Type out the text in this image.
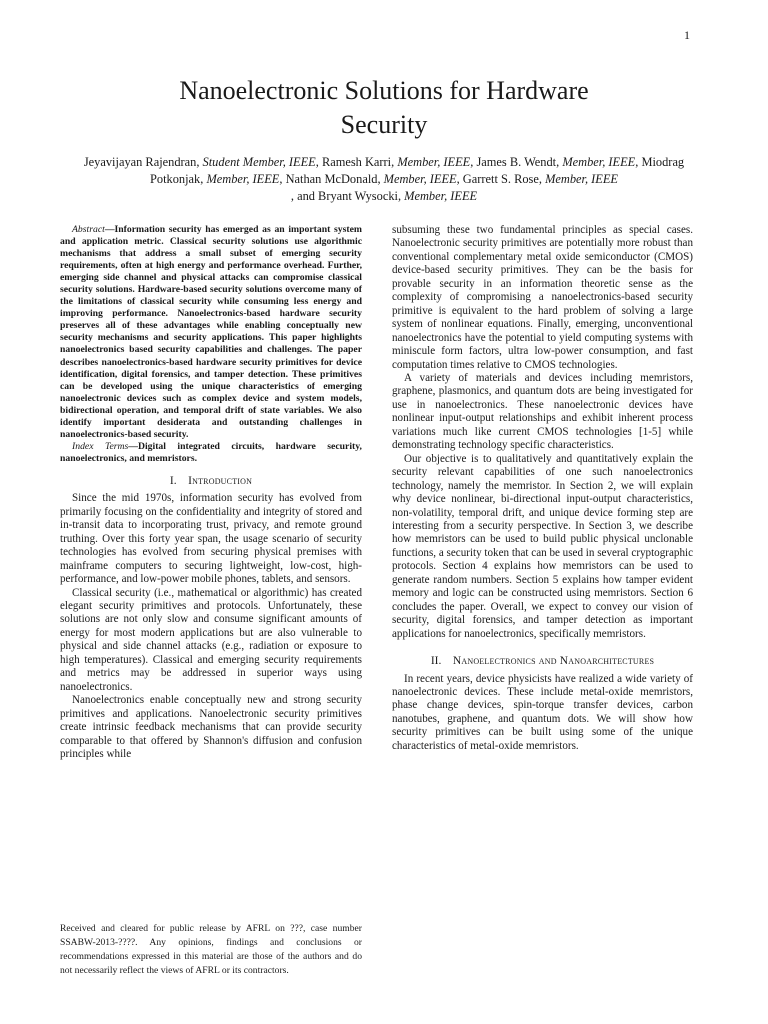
1
Nanoelectronic Solutions for Hardware
Security
Jeyavijayan Rajendran, Student Member, IEEE, Ramesh Karri, Member, IEEE, James B. Wendt, Member, IEEE, Miodrag Potkonjak, Member, IEEE, Nathan McDonald, Member, IEEE, Garrett S. Rose, Member, IEEE
, and Bryant Wysocki, Member, IEEE

Abstract—Information security has emerged as an important system and application metric. Classical security solutions use algorithmic mechanisms that address a small subset of emerging security requirements, often at high energy and performance overhead. Further, emerging side channel and physical attacks can compromise classical security solutions. Hardware-based security solutions overcome many of the limitations of classical security while consuming less energy and improving performance. Nanoelectronics-based hardware security preserves all of these advantages while enabling conceptually new security mechanisms and security applications. This paper highlights nanoelectronics based security capabilities and challenges. The paper describes nanoelectronics-based hardware security primitives for device identification, digital forensics, and tamper detection. These primitives can be developed using the unique characteristics of emerging nanoelectronic devices such as complex device and system models, bidirectional operation, and temporal drift of state variables. We also identify important desiderata and outstanding challenges in nanoelectronics-based security.

Index Terms—Digital integrated circuits, hardware security, nanoelectronics, and memristors.

I. Introduction

Since the mid 1970s, information security has evolved from primarily focusing on the confidentiality and integrity of stored and in-transit data to incorporating trust, privacy, and remote ground truthing. Over this forty year span, the usage scenario of security technologies has evolved from securing physical premises with mainframe computers to securing lightweight, low-cost, high-performance, and low-power mobile phones, tablets, and sensors.

Classical security (i.e., mathematical or algorithmic) has created elegant security primitives and protocols. Unfortunately, these solutions are not only slow and consume significant amounts of energy for most modern applications but are also vulnerable to physical and side channel attacks (e.g., radiation or exposure to high temperatures). Classical and emerging security requirements and metrics may be addressed in superior ways using nanoelectronics.

Nanoelectronics enable conceptually new and strong security primitives and applications. Nanoelectronic security primitives create intrinsic feedback mechanisms that can provide security comparable to that offered by Shannon's diffusion and confusion principles while

subsuming these two fundamental principles as special cases. Nanoelectronic security primitives are potentially more robust than conventional complementary metal oxide semiconductor (CMOS) device-based security primitives. They can be the basis for provable security in an information theoretic sense as the complexity of compromising a nanoelectronics-based security primitive is equivalent to the hard problem of solving a large system of nonlinear equations. Finally, emerging, unconventional nanoelectronics have the potential to yield computing systems with miniscule form factors, ultra low-power consumption, and fast computation times relative to CMOS technologies.

A variety of materials and devices including memristors, graphene, plasmonics, and quantum dots are being investigated for use in nanoelectronics. These nanoelectronic devices have nonlinear input-output relationships and exhibit inherent process variations much like current CMOS technologies [1-5] while demonstrating technology specific characteristics.

Our objective is to qualitatively and quantitatively explain the security relevant capabilities of one such nanoelectronics technology, namely the memristor. In Section 2, we will explain why device nonlinear, bi-directional input-output characteristics, non-volatility, temporal drift, and unique device forming step are interesting from a security perspective. In Section 3, we describe how memristors can be used to build public physical unclonable functions, a security token that can be used in several cryptographic protocols. Section 4 explains how memristors can be used to generate random numbers. Section 5 explains how tamper evident memory and logic can be constructed using memristors. Section 6 concludes the paper. Overall, we expect to convey our vision of security, digital forensics, and tamper detection as important applications for nanoelectronics, specifically memristors.

II. Nanoelectronics and Nanoarchitectures

In recent years, device physicists have realized a wide variety of nanoelectronic devices. These include metal-oxide memristors, phase change devices, spin-torque transfer devices, carbon nanotubes, graphene, and quantum dots. We will show how security primitives can be built using some of the unique characteristics of metal-oxide memristors.

Received and cleared for public release by AFRL on ???, case number SSABW-2013-????. Any opinions, findings and conclusions or recommendations expressed in this material are those of the authors and do not necessarily reflect the views of AFRL or its contractors.
